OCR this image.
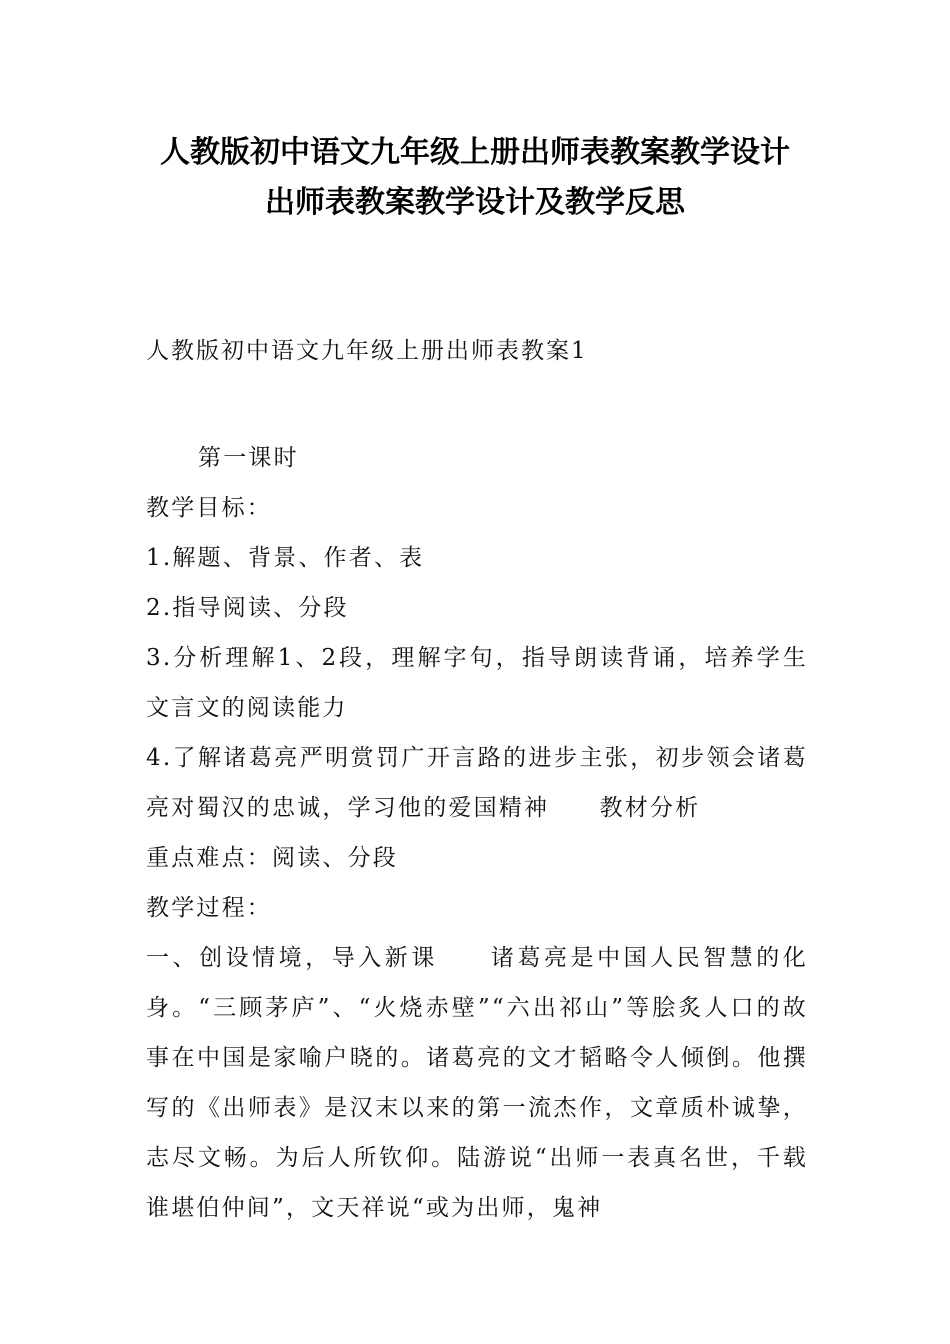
人教版初中语文九年级上册出师表教案教学设计 出师表教案教学设计及教学反思
人教版初中语文九年级上册出师表教案1

第一课时

教学目标：

1.解题、背景、作者、表

2.指导阅读、分段

3.分析理解1、2段，理解字句，指导朗读背诵，培养学生文言文的阅读能力

4.了解诸葛亮严明赏罚广开言路的进步主张，初步领会诸葛亮对蜀汉的忠诚，学习他的爱国精神　　教材分析

重点难点：阅读、分段

教学过程：

一、创设情境，导入新课　　诸葛亮是中国人民智慧的化身。“三顾茅庐”、“火烧赤壁”“六出祁山”等脍炙人口的故事在中国是家喻户晓的。诸葛亮的文才韬略令人倾倒。他撰写的《出师表》是汉末以来的第一流杰作，文章质朴诚挚，志尽文畅。为后人所钦仰。陆游说“出师一表真名世，千载谁堪伯仲间”，文天祥说“或为出师，鬼神
